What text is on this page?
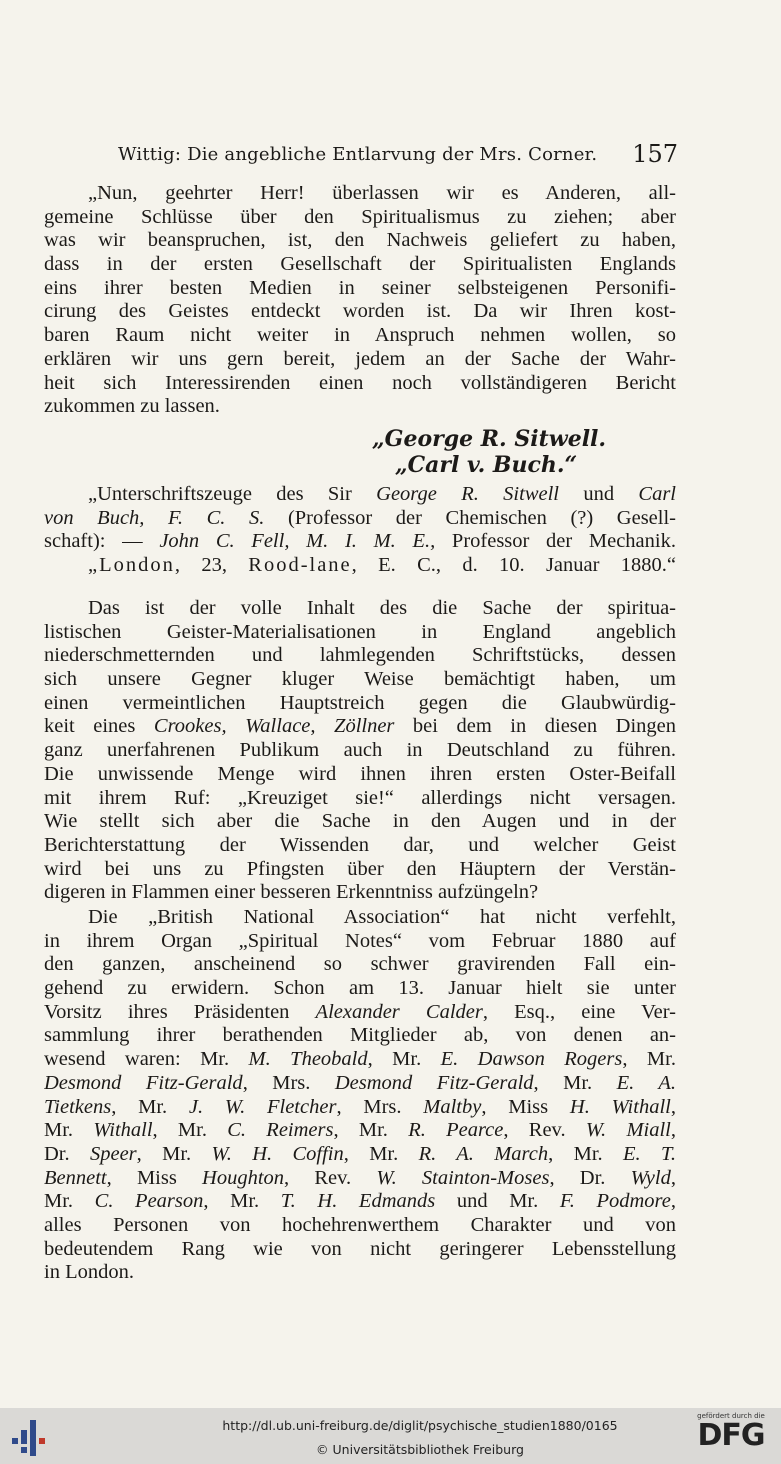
Wittig: Die angebliche Entlarvung der Mrs. Corner. 157
„Nun, geehrter Herr! überlassen wir es Anderen, all-
gemeine Schlüsse über den Spiritualismus zu ziehen; aber
was wir beanspruchen, ist, den Nachweis geliefert zu haben,
dass in der ersten Gesellschaft der Spiritualisten Englands
eins ihrer besten Medien in seiner selbsteigenen Personifi-
cirung des Geistes entdeckt worden ist. Da wir Ihren kost-
baren Raum nicht weiter in Anspruch nehmen wollen, so
erklären wir uns gern bereit, jedem an der Sache der Wahr-
heit sich Interessirenden einen noch vollständigeren Bericht
zukommen zu lassen.
„George R. Sitwell.
„Carl v. Buch.“
„Unterschriftszeuge des Sir George R. Sitwell und Carl
von Buch, F. C. S. (Professor der Chemischen (?) Gesell-
schaft): — John C. Fell, M. I. M. E., Professor der Mechanik.
„London, 23, Rood-lane, E. C., d. 10. Januar 1880.“
Das ist der volle Inhalt des die Sache der spiritua-
listischen Geister-Materialisationen in England angeblich
niederschmetternden und lahmlegenden Schriftstücks, dessen
sich unsere Gegner kluger Weise bemächtigt haben, um
einen vermeintlichen Hauptstreich gegen die Glaubwürdig-
keit eines Crookes, Wallace, Zöllner bei dem in diesen Dingen
ganz unerfahrenen Publikum auch in Deutschland zu führen.
Die unwissende Menge wird ihnen ihren ersten Oster-Beifall
mit ihrem Ruf: „Kreuziget sie!“ allerdings nicht versagen.
Wie stellt sich aber die Sache in den Augen und in der
Berichterstattung der Wissenden dar, und welcher Geist
wird bei uns zu Pfingsten über den Häuptern der Verstän-
digeren in Flammen einer besseren Erkenntniss aufzüngeln?
Die „British National Association“ hat nicht verfehlt,
in ihrem Organ „Spiritual Notes“ vom Februar 1880 auf
den ganzen, anscheinend so schwer gravirenden Fall ein-
gehend zu erwidern. Schon am 13. Januar hielt sie unter
Vorsitz ihres Präsidenten Alexander Calder, Esq., eine Ver-
sammlung ihrer berathenden Mitglieder ab, von denen an-
wesend waren: Mr. M. Theobald, Mr. E. Dawson Rogers, Mr.
Desmond Fitz-Gerald, Mrs. Desmond Fitz-Gerald, Mr. E. A.
Tietkens, Mr. J. W. Fletcher, Mrs. Maltby, Miss H. Withall,
Mr. Withall, Mr. C. Reimers, Mr. R. Pearce, Rev. W. Miall,
Dr. Speer, Mr. W. H. Coffin, Mr. R. A. March, Mr. E. T.
Bennett, Miss Houghton, Rev. W. Stainton-Moses, Dr. Wyld,
Mr. C. Pearson, Mr. T. H. Edmands und Mr. F. Podmore,
alles Personen von hochehrenwerthem Charakter und von
bedeutendem Rang wie von nicht geringerer Lebensstellung
in London.
http://dl.ub.uni-freiburg.de/diglit/psychische_studien1880/0165
© Universitätsbibliothek Freiburg
gefördert durch die
DFG
